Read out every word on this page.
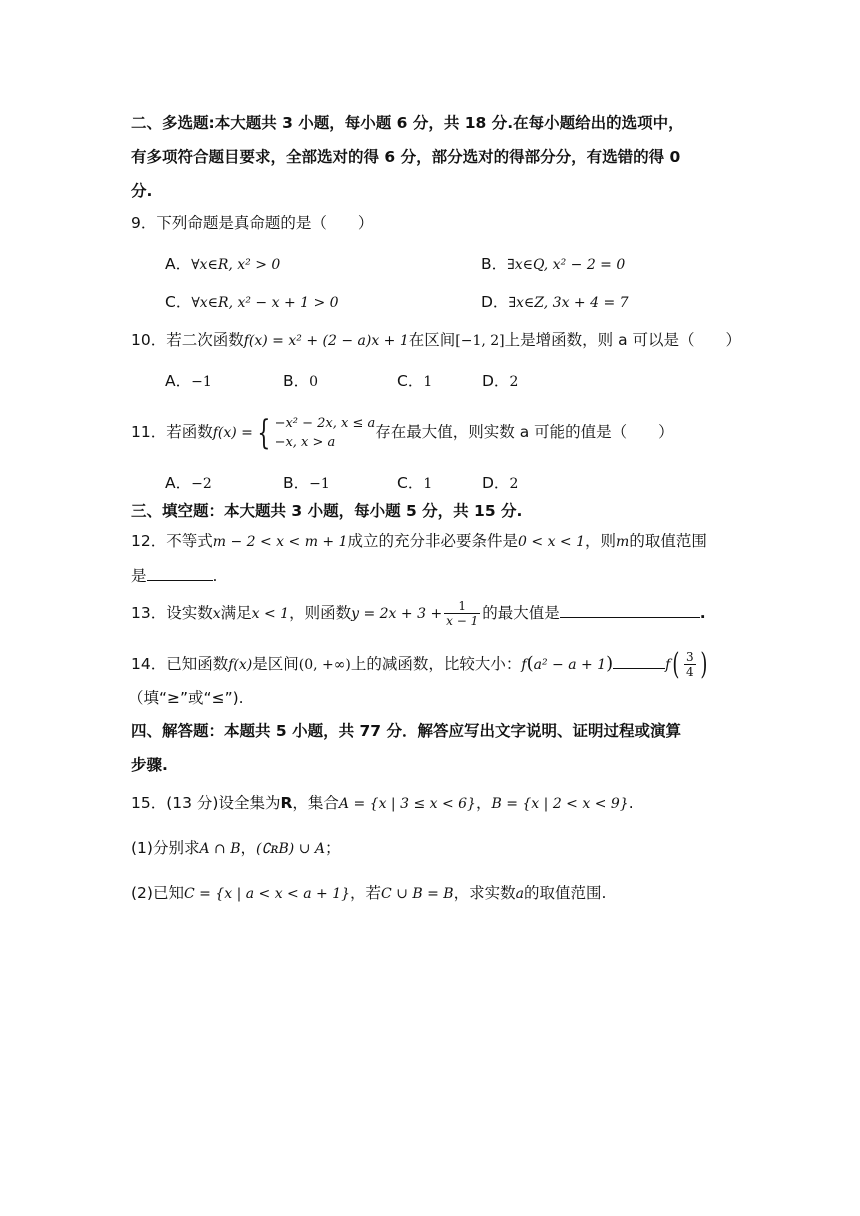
二、多选题:本大题共 3 小题，每小题 6 分，共 18 分.在每小题给出的选项中，
有多项符合题目要求，全部选对的得 6 分，部分选对的得部分分，有选错的得 0
分.
9．下列命题是真命题的是（　　）
A．∀x∈R, x² > 0	B．∃x∈Q, x² − 2 = 0
C．∀x∈R, x² − x + 1 > 0	D．∃x∈Z, 3x + 4 = 7
10．若二次函数f(x) = x² + (2 − a)x + 1在区间[−1, 2]上是增函数，则 a 可以是（　　）
A．−1	B．0	C．1	D．2
11．若函数f(x) = { −x² − 2x, x ≤ a
−x, x > a
存在最大值，则实数 a 可能的值是（　　）
A．−2	B．−1	C．1	D．2
三、填空题：本大题共 3 小题，每小题 5 分，共 15 分.
12．不等式m − 2 < x < m + 1成立的充分非必要条件是0 < x < 1，则m的取值范围
是	.
13．设实数x满足x < 1，则函数$y = 2x + 3 + \frac{1}{x - 1}$ 的最大值是	.
14．已知函数f(x)是区间(0, +∞)上的减函数，比较大小：f(a² − a + 1)	$f( \frac{3}{4}$ )
（填“≥”或“≤”).
四、解答题：本题共 5 小题，共 77 分．解答应写出文字说明、证明过程或演算
步骤.
15．(13 分)设全集为R，集合A = {x | 3 ≤ x < 6}，B = {x | 2 < x < 9}.
(1)分别求A ∩ B，(∁ʀB) ∪ A；
(2)已知C = {x | a < x < a + 1}，若C ∪ B = B，求实数a的取值范围.
